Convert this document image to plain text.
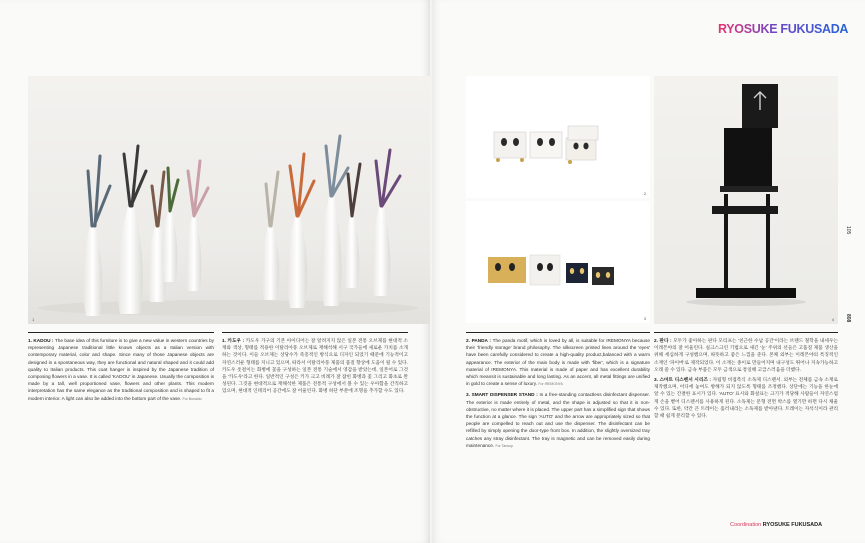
RYOSUKE FUKUSADA
1
2
3	4
105
808
1. KADOU : The base idea of this furniture is to give a new value in western countries by representing Japanese traditional little known objects as a Italian version with contemporary material, color and shape. Since many of those Japanese objects are designed in a spontaneous way, they are functional and natural shaped and it could add quality to Italian products. This coat hanger is inspired by the Japanese tradition of composing flowers in a vase. It is called 'KADOU' in Japanese. Usually the composition is made by a tall, well proportioned vase, flowers and other plants. This modern interpretation has the same elegance as the traditional composition and is shaped to fit a modern interior. A light can also be added into the bottom part of the vase. For Bonaldo
1. 카도우 : 카도우 가구의 기본 아이디어는 잘 알려지지 않은 일본 전통 오브제를 현대적 소재와 색상, 형태를 적용한 이탈리아풍 오브제로 재해석해 서구 국가들에 새로운 가치를 소개하는 것이다. 이들 오브제는 상당수가 즉흥적인 방식으로 디자인 되었기 때문에 기능적이고 자연스러운 형태를 지니고 있으며, 따라서 이탈리아풍 제품의 품질 향상에 도움이 될 수 있다. 카도우 옷걸이는 화병에 꽃을 구성하는 일본 전통 기술에서 영감을 받았는데, 일본어로 그것을 '카도우'라고 한다. 일반적인 구성은 키가 크고 비례가 잘 잡힌 화병과 꽃 그리고 화초로 완성된다. 그것을 현대적으로 재해석한 제품은 전통적 구성에서 볼 수 있는 우아함을 간직하고 있으며, 현대적 인테리어 공간에도 잘 어울린다. 화병 하단 부분에 조명을 추가할 수도 있다.
2. PANDA : The panda motif, which is loved by all, is suitable for IREMONYA because their 'friendly storage' brand philosophy. The silkscreen printed lines around the 'eyes' have been carefully considered to create a high-quality product,balanced with a warm appearance. The exterior of the main body is made with 'fiber', which is a signature material of IREMONYA. This material is made of paper and has excellent durability which meansit is sustainable and long lasting. As an accent, all metal fittings are unified in gold to create a sense of luxury. For IREMONYA
3. SMART DISPENSER STAND : Is a free-standing contactless disinfectant dispenser. The exterior is made entirely of metal, and the shape is adjusted so that it is non-obstructive, no matter where it is placed. The upper part has a simplified sign that shows the function at a glance. The sign 'AUTO' and the arrow are appropriately sized so that people are compelled to reach out and use the dispenser. The disinfectant can be refilled by simply opening the door-type front box. In addition, the slightly oversized tray catches any stray disinfectant. The tray is magnetic and can be removed easily during maintenance. For Tansop
2. 판다 : 모두가 좋아하는 판다 모티프는 '친근한 수납 공간'이라는 브랜드 철학을 내세우는 이레몬야의 잘 어울린다. 실크스크린 기법으로 새긴 '눈' 주위의 선들은 고품질 제품 생산을 위해 세심하게 구성했으며, 따뜻하고 좋은 느낌을 준다. 본체 외부는 이레몬야의 특징적인 소재인 '파이버'로 제작되었다. 이 소재는 종이로 만들어지며 내구성도 뛰어나 지속가능하고 오래 쓸 수 있다. 금속 부품은 모두 금색으로 통일해 고급스러움을 더했다.
3. 스마트 디스펜서 시리즈 : 자립형 비접촉식 소독제 디스펜서. 외부는 전체를 금속 소재로 제작했으며, 어디에 놓여도 방해가 되지 않도록 형태를 조정했다. 상단에는 기능을 한눈에 알 수 있는 간결한 표시가 있다. 'AUTO' 표시와 화살표는 크기가 적당해 사람들이 자연스럽게 손을 뻗어 디스펜서를 사용하게 된다. 소독제는 문형 전면 박스를 열기만 하면 다시 채울 수 있다. 또한, 약간 큰 트레이는 흘러내리는 소독제를 받아낸다. 트레이는 자석식이라 관리할 때 쉽게 분리할 수 있다.
Coordination RYOSUKE FUKUSADA
